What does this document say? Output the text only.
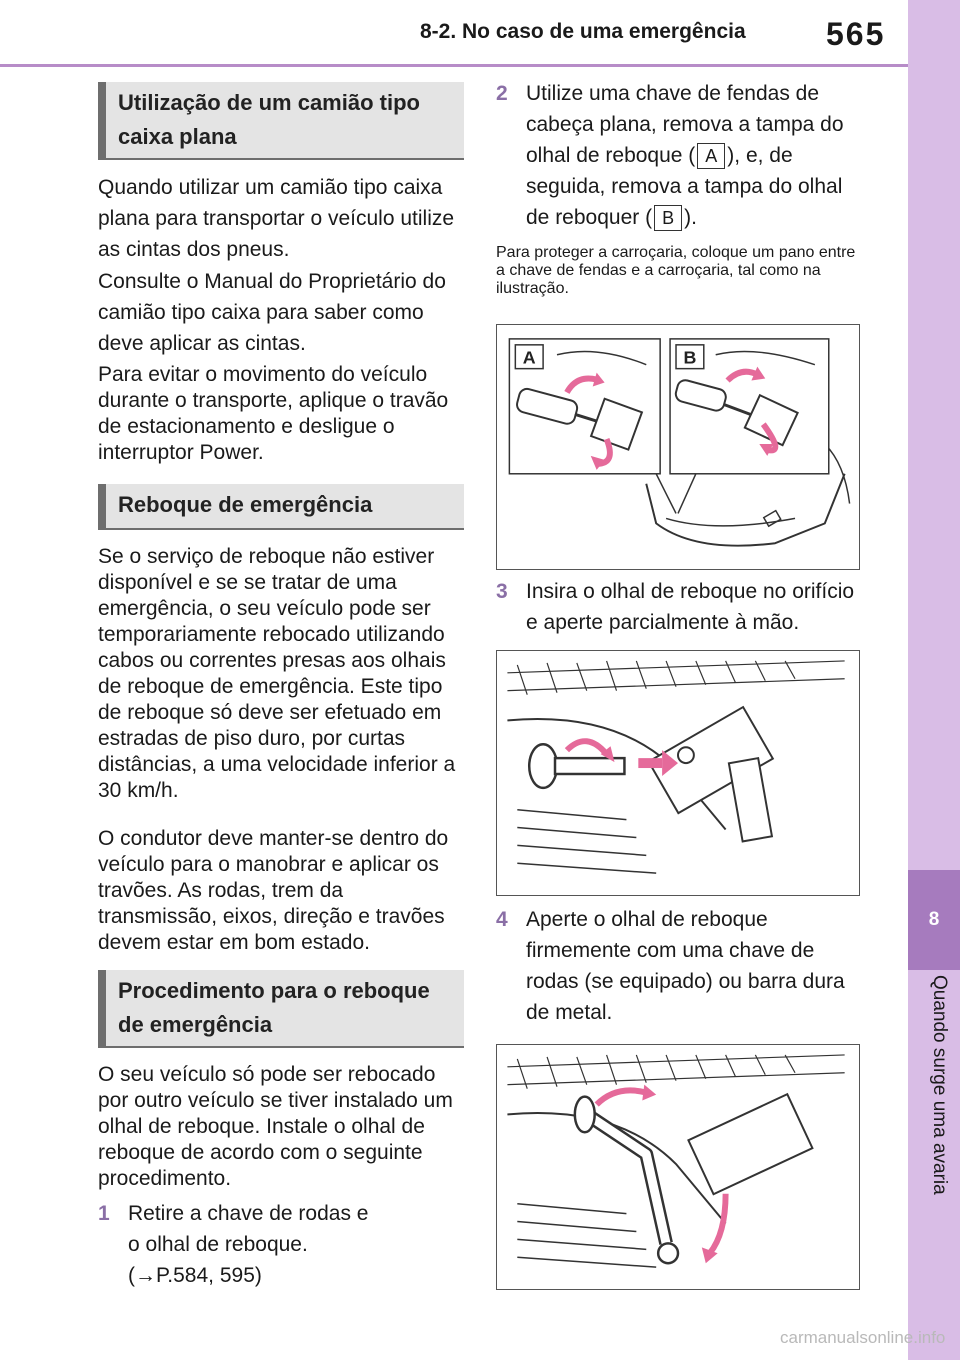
8-2. No caso de uma emergência	565
8
Quando surge uma avaria
Utilização de um camião tipo caixa plana
Quando utilizar um camião tipo caixa plana para transportar o veículo utilize as cintas dos pneus.
Consulte o Manual do Proprietário do camião tipo caixa para saber como deve aplicar as cintas.
Para evitar o movimento do veículo durante o transporte, aplique o travão de estacionamento e desligue o interruptor Power.
Reboque de emergência
Se o serviço de reboque não estiver disponível e se se tratar de uma emergência, o seu veículo pode ser temporariamente rebocado utilizando cabos ou correntes presas aos olhais de reboque de emergência. Este tipo de reboque só deve ser efetuado em estradas de piso duro, por curtas distâncias, a uma velocidade inferior a 30 km/h.
O condutor deve manter-se dentro do veículo para o manobrar e aplicar os travões. As rodas, trem da transmissão, eixos, direção e travões devem estar em bom estado.
Procedimento para o reboque de emergência
O seu veículo só pode ser rebocado por outro veículo se tiver instalado um olhal de reboque. Instale o olhal de reboque de acordo com o seguinte procedimento.
1 Retire a chave de rodas e o olhal de reboque. (→P.584, 595)
2 Utilize uma chave de fendas de cabeça plana, remova a tampa do olhal de reboque ( A ), e, de seguida, remova a tampa do olhal de reboquer ( B ).
Para proteger a carroçaria, coloque um pano entre a chave de fendas e a carroçaria, tal como na ilustração.
A	B
3 Insira o olhal de reboque no orifício e aperte parcialmente à mão.
4 Aperte o olhal de reboque firmemente com uma chave de rodas (se equipado) ou barra dura de metal.
carmanualsonline.info
